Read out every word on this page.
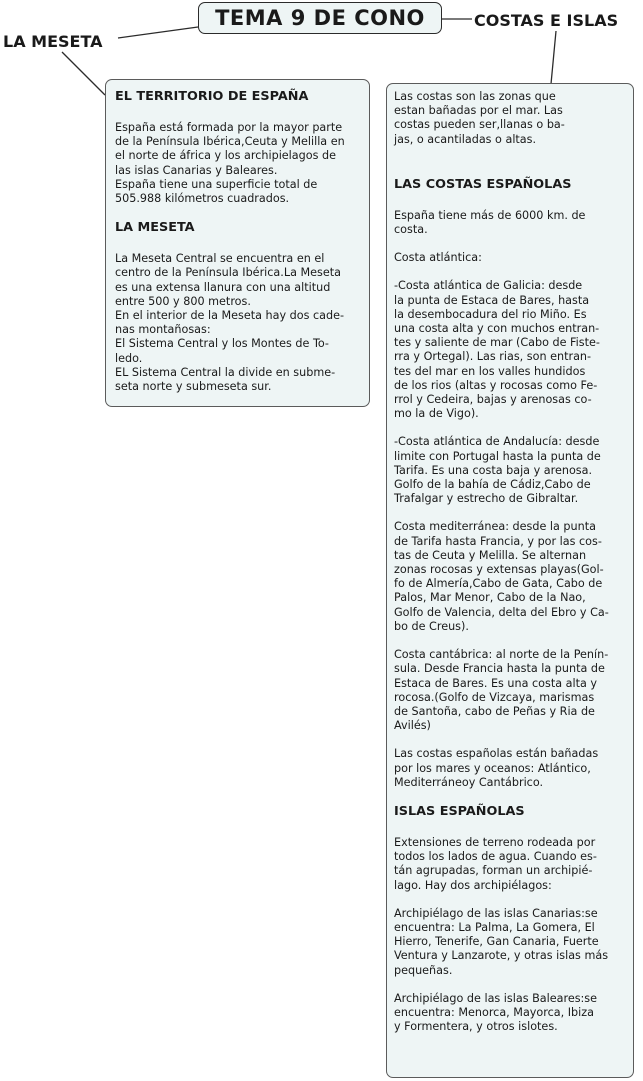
TEMA 9 DE CONO
LA MESETA
COSTAS E ISLAS
EL TERRITORIO DE ESPAÑA

España está formada por la mayor parte
de la Península Ibérica,Ceuta y Melilla en
el norte de áfrica y los archipielagos de
las islas Canarias y Baleares.
España tiene una superficie total de
505.988 kilómetros cuadrados.

LA MESETA

La Meseta Central se encuentra en el
centro de la Península Ibérica.La Meseta
es una extensa llanura con una altitud
entre 500 y 800 metros.
En el interior de la Meseta hay dos cade-
nas montañosas:
El Sistema Central y los Montes de To-
ledo.
EL Sistema Central la divide en subme-
seta norte y submeseta sur.

Las costas son las zonas que
estan bañadas por el mar. Las
costas pueden ser,llanas o ba-
jas, o acantiladas o altas.

LAS COSTAS ESPAÑOLAS

España tiene más de 6000 km. de
costa.

Costa atlántica:

-Costa atlántica de Galicia: desde
la punta de Estaca de Bares, hasta
la desembocadura del rio Miño. Es
una costa alta y con muchos entran-
tes y saliente de mar (Cabo de Fiste-
rra y Ortegal). Las rias, son entran-
tes del mar en los valles hundidos
de los rios (altas y rocosas como Fe-
rrol y Cedeira, bajas y arenosas co-
mo la de Vigo).

-Costa atlántica de Andalucía: desde
limite con Portugal hasta la punta de
Tarifa. Es una costa baja y arenosa.
Golfo de la bahía de Cádiz,Cabo de
Trafalgar y estrecho de Gibraltar.

Costa mediterránea: desde la punta
de Tarifa hasta Francia, y por las cos-
tas de Ceuta y Melilla. Se alternan
zonas rocosas y extensas playas(Gol-
fo de Almería,Cabo de Gata, Cabo de
Palos, Mar Menor, Cabo de la Nao,
Golfo de Valencia, delta del Ebro y Ca-
bo de Creus).

Costa cantábrica: al norte de la Penín-
sula. Desde Francia hasta la punta de
Estaca de Bares. Es una costa alta y
rocosa.(Golfo de Vizcaya, marismas
de Santoña, cabo de Peñas y Ria de
Avilés)

Las costas españolas están bañadas
por los mares y oceanos: Atlántico,
Mediterráneoy Cantábrico.

ISLAS ESPAÑOLAS

Extensiones de terreno rodeada por
todos los lados de agua. Cuando es-
tán agrupadas, forman un archipié-
lago. Hay dos archipiélagos:

Archipiélago de las islas Canarias:se
encuentra: La Palma, La Gomera, El
Hierro, Tenerife, Gan Canaria, Fuerte
Ventura y Lanzarote, y otras islas más
pequeñas.

Archipiélago de las islas Baleares:se
encuentra: Menorca, Mayorca, Ibiza
y Formentera, y otros islotes.
